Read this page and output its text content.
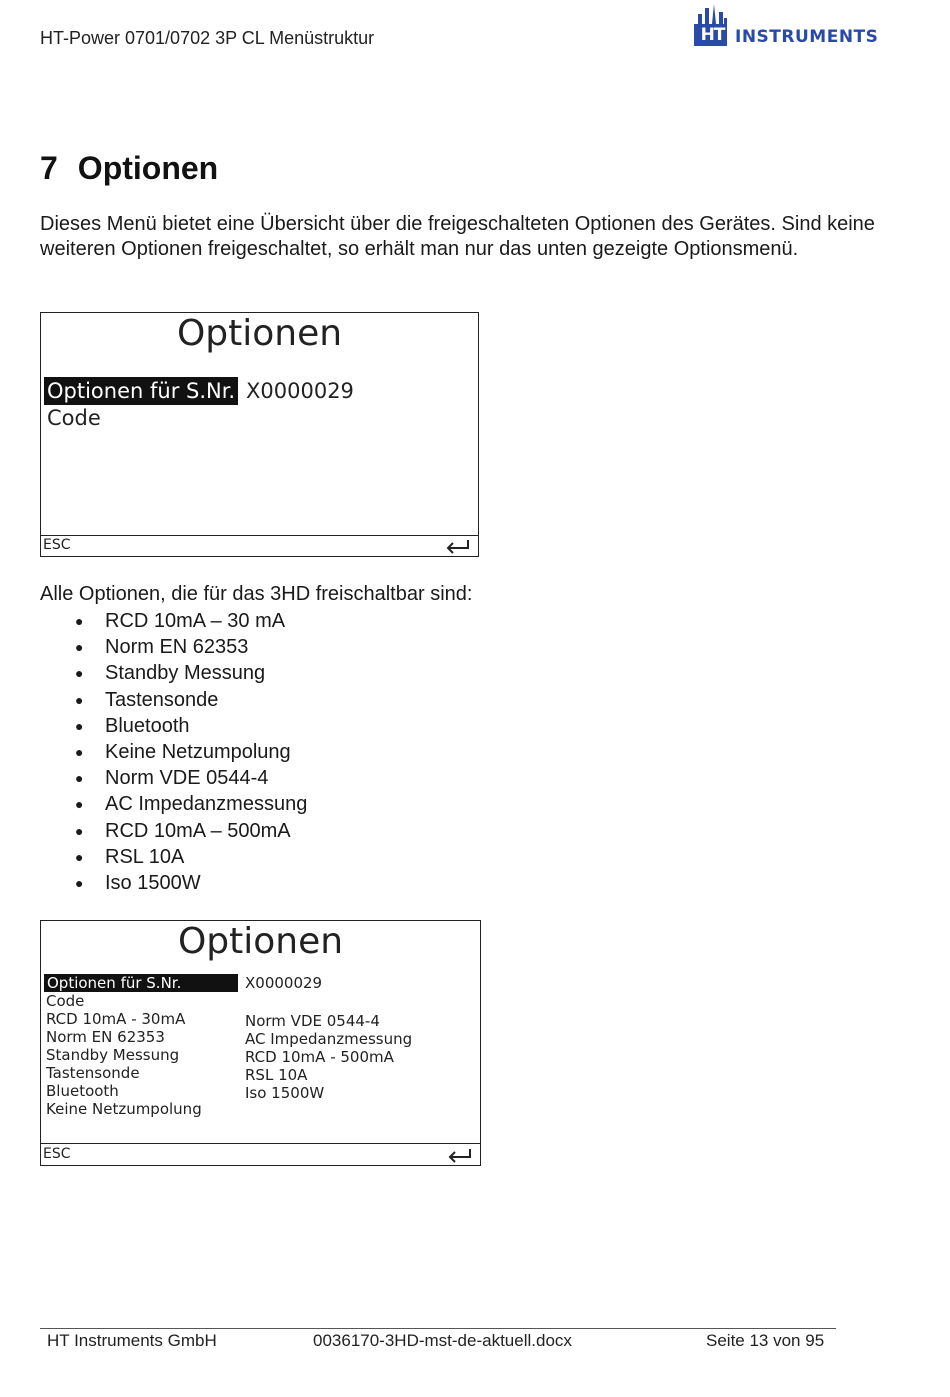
HT-Power 0701/0702 3P CL Menüstruktur	HT INSTRUMENTS
7 Optionen
Dieses Menü bietet eine Übersicht über die freigeschalteten Optionen des Gerätes. Sind keine weiteren Optionen freigeschaltet, so erhält man nur das unten gezeigte Optionsmenü.
Optionen
Optionen für S.Nr. X0000029
Code
ESC
Alle Optionen, die für das 3HD freischaltbar sind:
● RCD 10mA – 30 mA
● Norm EN 62353
● Standby Messung
● Tastensonde
● Bluetooth
● Keine Netzumpolung
● Norm VDE 0544-4
● AC Impedanzmessung
● RCD 10mA – 500mA
● RSL 10A
● Iso 1500W
Optionen
Optionen für S.Nr.	X0000029
Code
RCD 10mA - 30mA
Norm EN 62353
Standby Messung
Tastensonde
Bluetooth
Keine Netzumpolung
Norm VDE 0544-4
AC Impedanzmessung
RCD 10mA - 500mA
RSL 10A
Iso 1500W
ESC
HT Instruments GmbH	0036170-3HD-mst-de-aktuell.docx	Seite 13 von 95
